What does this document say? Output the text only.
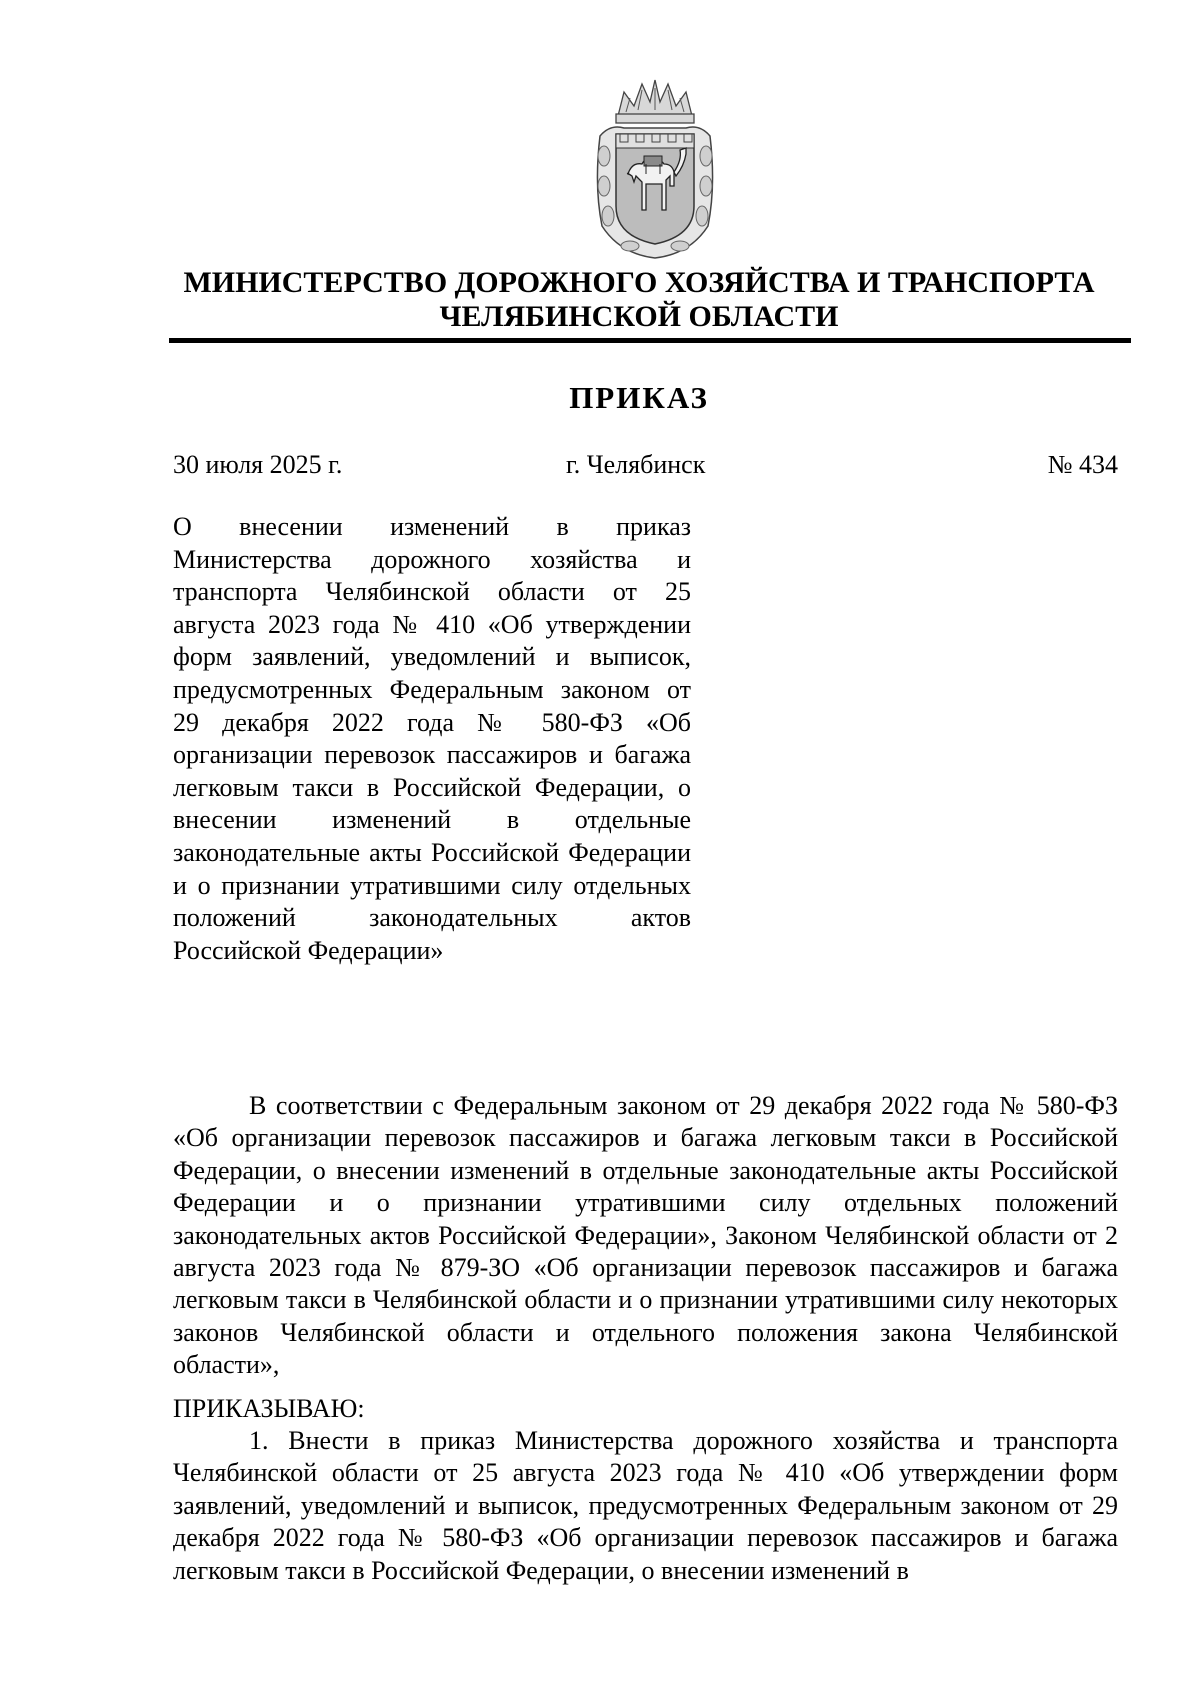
МИНИСТЕРСТВО ДОРОЖНОГО ХОЗЯЙСТВА И ТРАНСПОРТА
ЧЕЛЯБИНСКОЙ ОБЛАСТИ
ПРИКАЗ
30 июля 2025 г.	г. Челябинск	№ 434
О внесении изменений в приказ Министерства дорожного хозяйства и транспорта Челябинской области от 25 августа 2023 года № 410 «Об утверждении форм заявлений, уведомлений и выписок, предусмотренных Федеральным законом от 29 декабря 2022 года № 580-ФЗ «Об организации перевозок пассажиров и багажа легковым такси в Российской Федерации, о внесении изменений в отдельные законодательные акты Российской Федерации и о признании утратившими силу отдельных положений законодательных актов Российской Федерации»
В соответствии с Федеральным законом от 29 декабря 2022 года № 580-ФЗ «Об организации перевозок пассажиров и багажа легковым такси в Российской Федерации, о внесении изменений в отдельные законодательные акты Российской Федерации и о признании утратившими силу отдельных положений законодательных актов Российской Федерации», Законом Челябинской области от 2 августа 2023 года № 879-ЗО «Об организации перевозок пассажиров и багажа легковым такси в Челябинской области и о признании утратившими силу некоторых законов Челябинской области и отдельного положения закона Челябинской области»,
ПРИКАЗЫВАЮ:
1. Внести в приказ Министерства дорожного хозяйства и транспорта Челябинской области от 25 августа 2023 года № 410 «Об утверждении форм заявлений, уведомлений и выписок, предусмотренных Федеральным законом от 29 декабря 2022 года № 580-ФЗ «Об организации перевозок пассажиров и багажа легковым такси в Российской Федерации, о внесении изменений в
